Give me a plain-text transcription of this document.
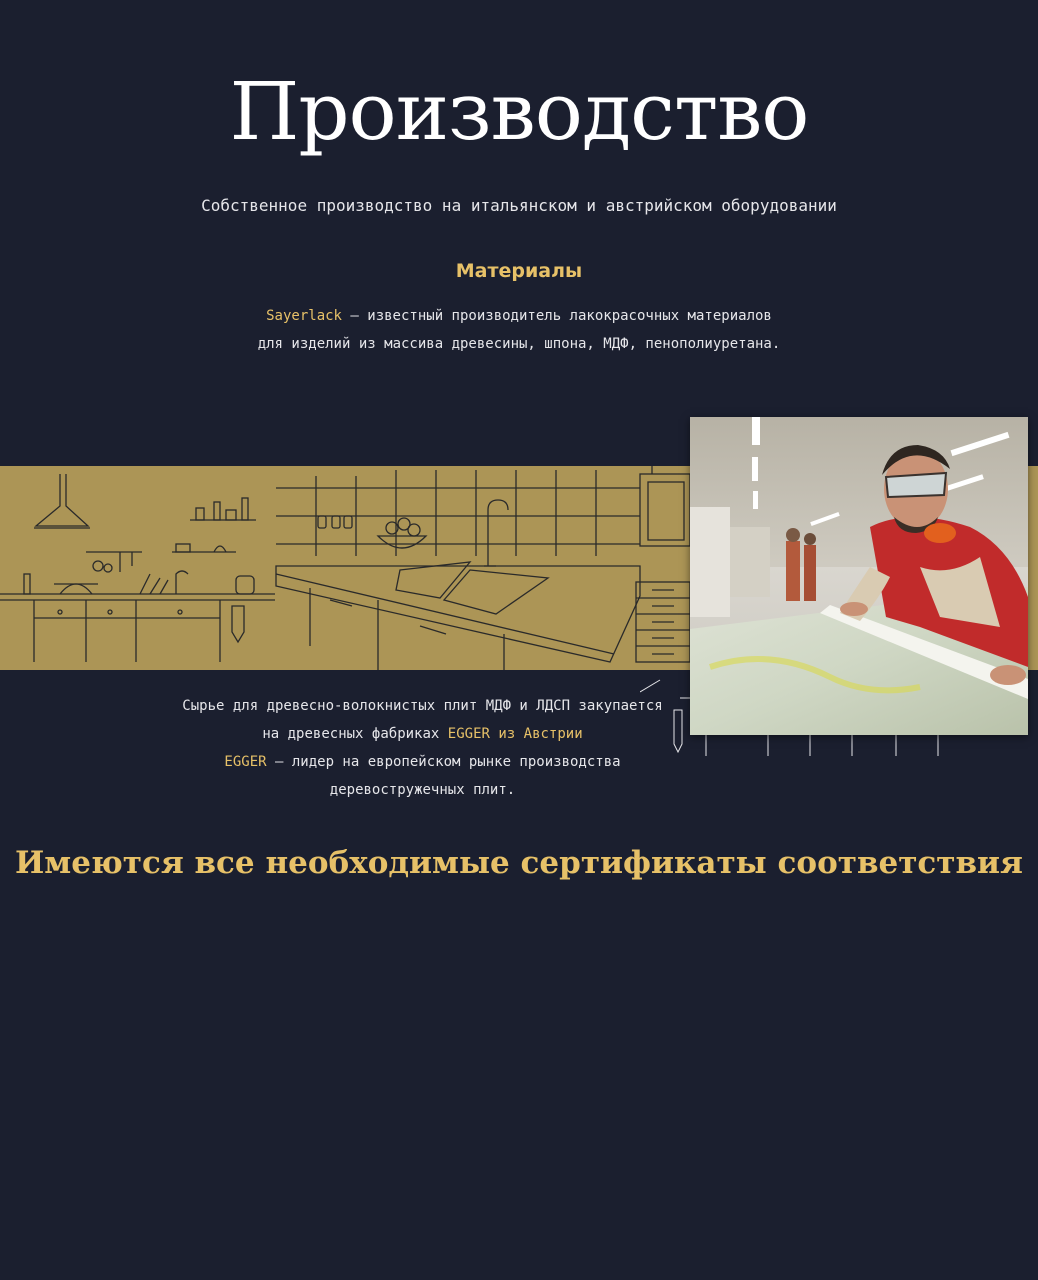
Производство

Собственное производство на итальянском и австрийском оборудовании

Материалы

Sayerlack – известный производитель лакокрасочных материалов для изделий из массива древесины, шпона, МДФ, пенополиуретана.

Сырье для древесно-волокнистых плит МДФ и ЛДСП закупается на древесных фабриках EGGER из Австрии
EGGER – лидер на европейском рынке производства деревостружечных плит.

Имеются все необходимые сертификаты соответствия
